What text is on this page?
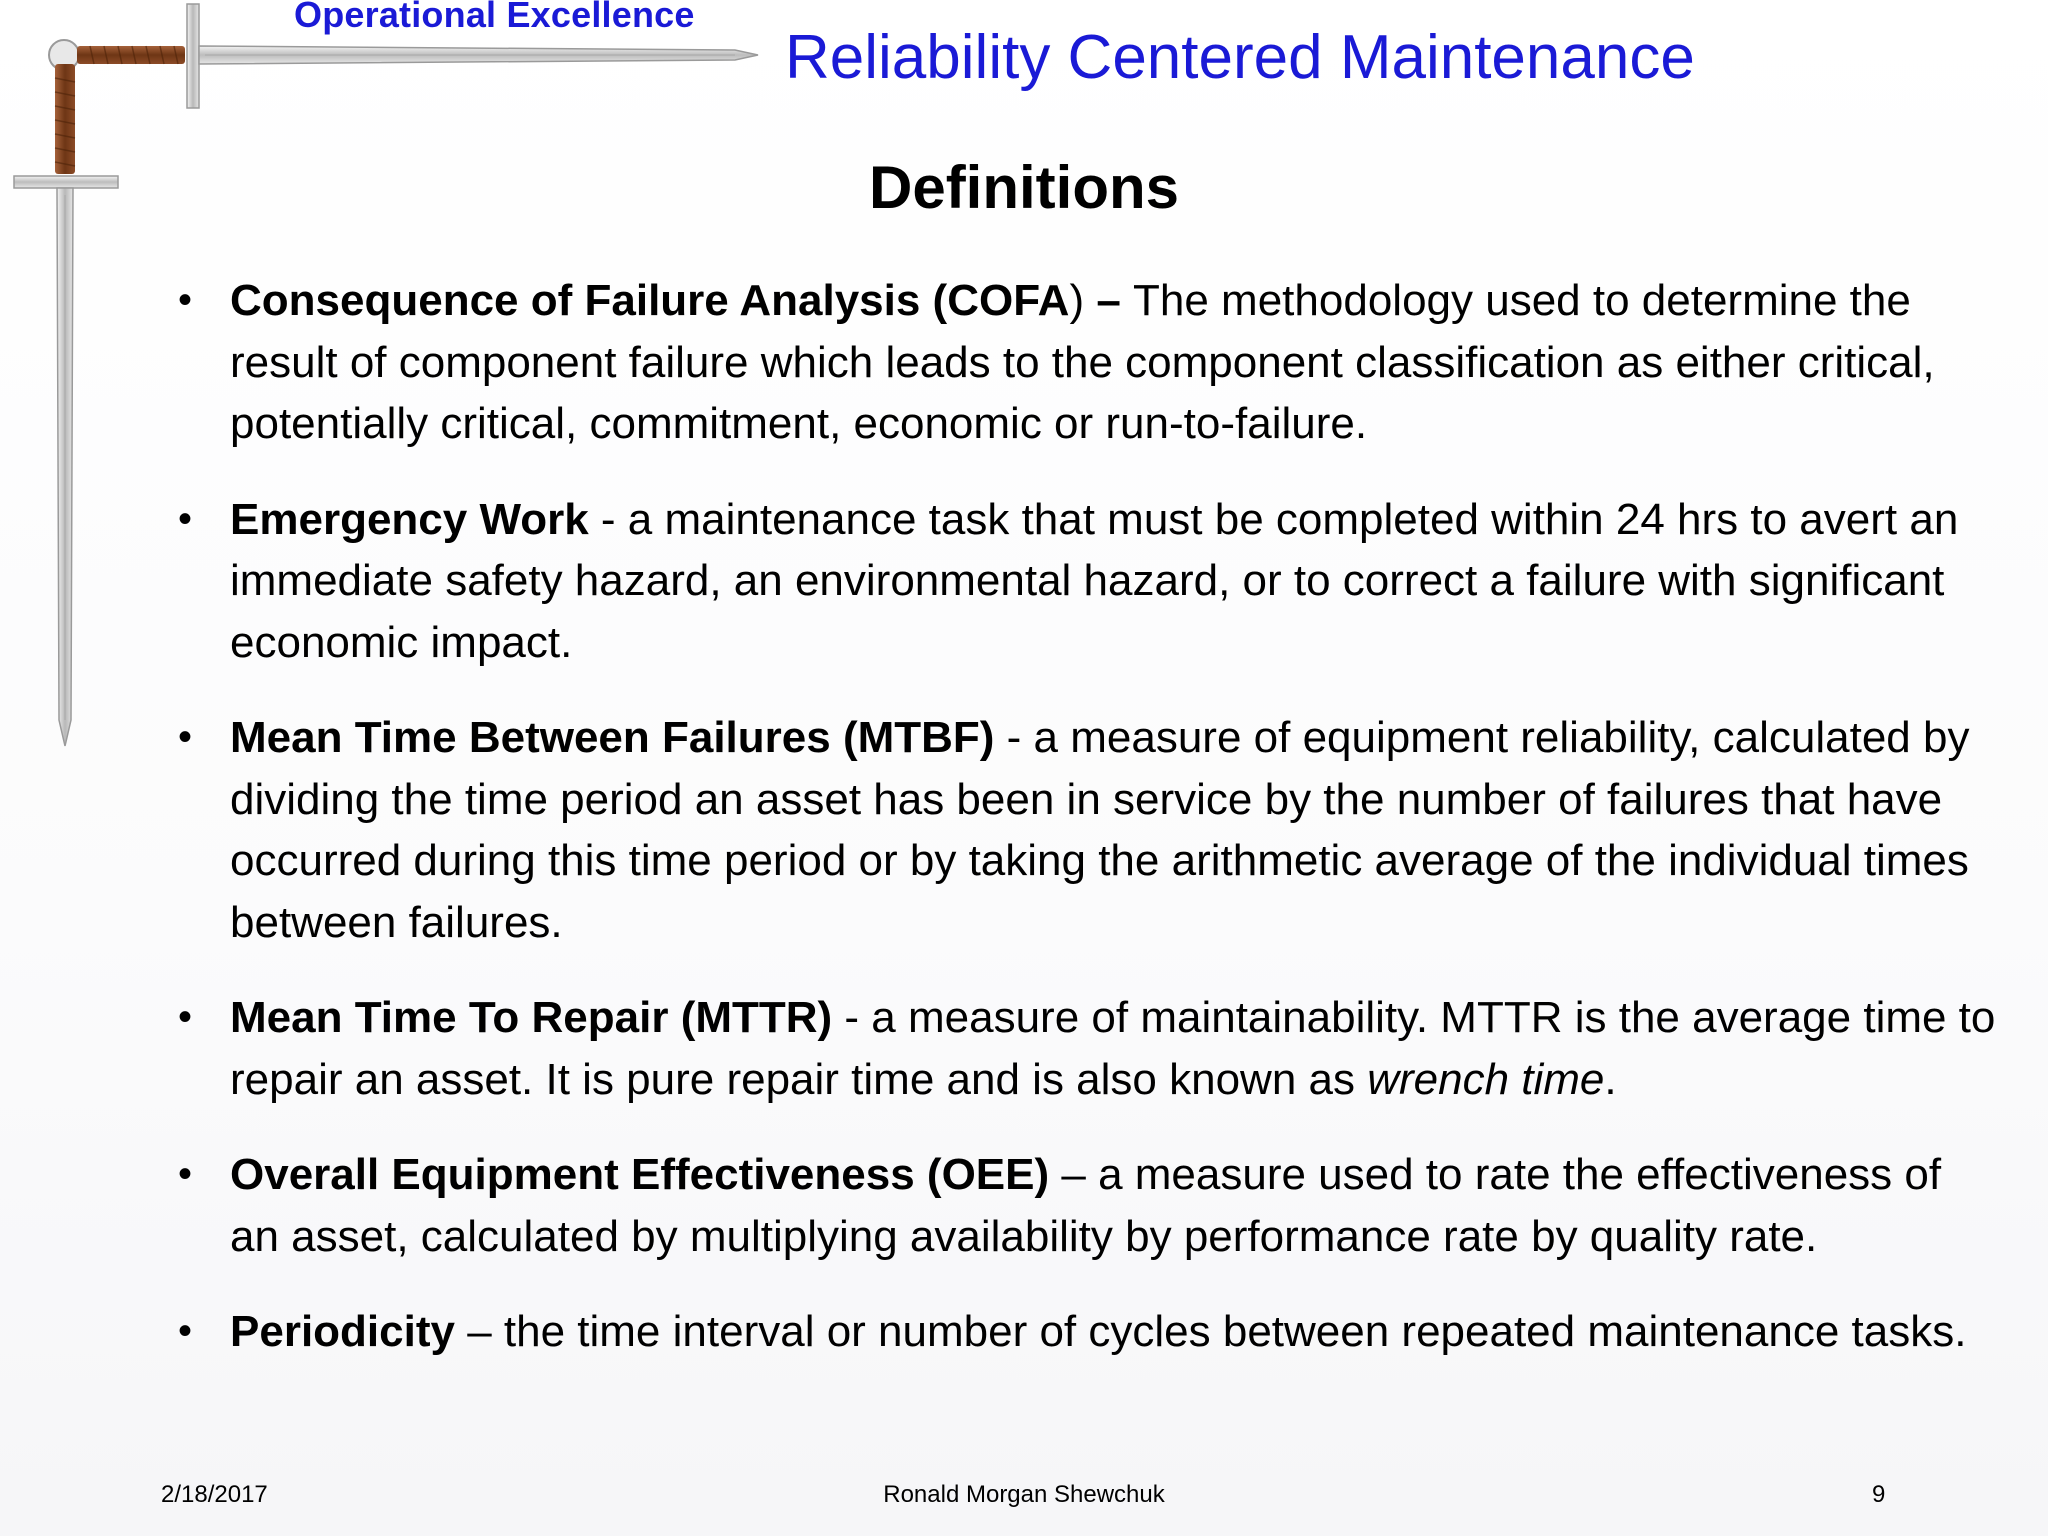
Operational Excellence
Reliability Centered Maintenance
Definitions
• Consequence of Failure Analysis (COFA) – The methodology used to determine the result of component failure which leads to the component classification as either critical, potentially critical, commitment, economic or run-to-failure.
• Emergency Work - a maintenance task that must be completed within 24 hrs to avert an immediate safety hazard, an environmental hazard, or to correct a failure with significant economic impact.
• Mean Time Between Failures (MTBF) - a measure of equipment reliability, calculated by dividing the time period an asset has been in service by the number of failures that have occurred during this time period or by taking the arithmetic average of the individual times between failures.
• Mean Time To Repair (MTTR) - a measure of maintainability. MTTR is the average time to repair an asset. It is pure repair time and is also known as wrench time.
• Overall Equipment Effectiveness (OEE) – a measure used to rate the effectiveness of an asset, calculated by multiplying availability by performance rate by quality rate.
• Periodicity – the time interval or number of cycles between repeated maintenance tasks.
2/18/2017	Ronald Morgan Shewchuk	9
